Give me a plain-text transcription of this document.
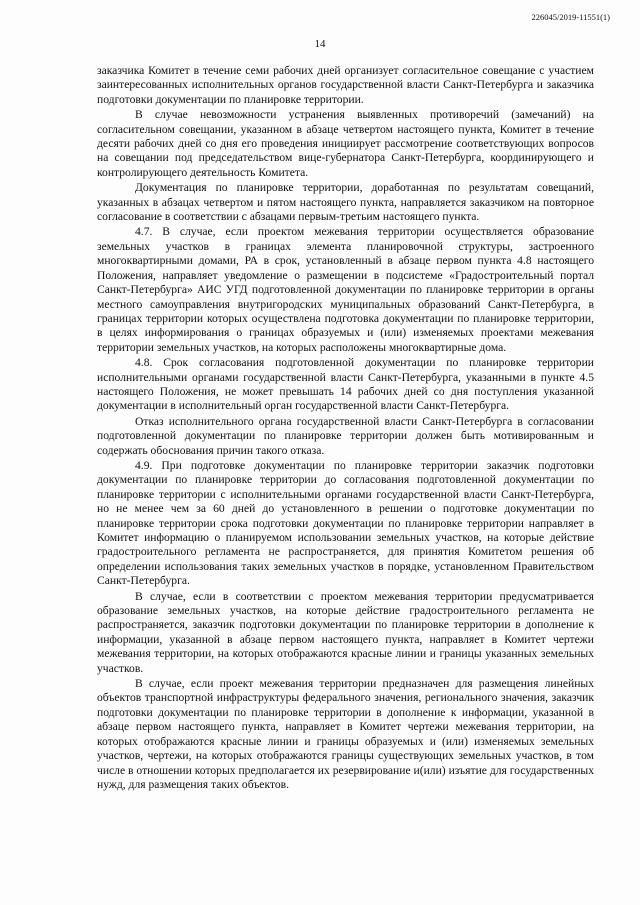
226045/2019-11551(1)
14

заказчика Комитет в течение семи рабочих дней организует согласительное совещание с участием заинтересованных исполнительных органов государственной власти Санкт-Петербурга и заказчика подготовки документации по планировке территории.

В случае невозможности устранения выявленных противоречий (замечаний) на согласительном совещании, указанном в абзаце четвертом настоящего пункта, Комитет в течение десяти рабочих дней со дня его проведения инициирует рассмотрение соответствующих вопросов на совещании под председательством вице-губернатора Санкт-Петербурга, координирующего и контролирующего деятельность Комитета.

Документация по планировке территории, доработанная по результатам совещаний, указанных в абзацах четвертом и пятом настоящего пункта, направляется заказчиком на повторное согласование в соответствии с абзацами первым-третьим настоящего пункта.

4.7. В случае, если проектом межевания территории осуществляется образование земельных участков в границах элемента планировочной структуры, застроенного многоквартирными домами, РА в срок, установленный в абзаце первом пункта 4.8 настоящего Положения, направляет уведомление о размещении в подсистеме «Градостроительный портал Санкт-Петербурга» АИС УГД подготовленной документации по планировке территории в органы местного самоуправления внутригородских муниципальных образований Санкт-Петербурга, в границах территории которых осуществлена подготовка документации по планировке территории, в целях информирования о границах образуемых и (или) изменяемых проектами межевания территории земельных участков, на которых расположены многоквартирные дома.

4.8. Срок согласования подготовленной документации по планировке территории исполнительными органами государственной власти Санкт-Петербурга, указанными в пункте 4.5 настоящего Положения, не может превышать 14 рабочих дней со дня поступления указанной документации в исполнительный орган государственной власти Санкт-Петербурга.

Отказ исполнительного органа государственной власти Санкт-Петербурга в согласовании подготовленной документации по планировке территории должен быть мотивированным и содержать обоснования причин такого отказа.

4.9. При подготовке документации по планировке территории заказчик подготовки документации по планировке территории до согласования подготовленной документации по планировке территории с исполнительными органами государственной власти Санкт-Петербурга, но не менее чем за 60 дней до установленного в решении о подготовке документации по планировке территории срока подготовки документации по планировке территории направляет в Комитет информацию о планируемом использовании земельных участков, на которые действие градостроительного регламента не распространяется, для принятия Комитетом решения об определении использования таких земельных участков в порядке, установленном Правительством Санкт-Петербурга.

В случае, если в соответствии с проектом межевания территории предусматривается образование земельных участков, на которые действие градостроительного регламента не распространяется, заказчик подготовки документации по планировке территории в дополнение к информации, указанной в абзаце первом настоящего пункта, направляет в Комитет чертежи межевания территории, на которых отображаются красные линии и границы указанных земельных участков.

В случае, если проект межевания территории предназначен для размещения линейных объектов транспортной инфраструктуры федерального значения, регионального значения, заказчик подготовки документации по планировке территории в дополнение к информации, указанной в абзаце первом настоящего пункта, направляет в Комитет чертежи межевания территории, на которых отображаются красные линии и границы образуемых и (или) изменяемых земельных участков, чертежи, на которых отображаются границы существующих земельных участков, в том числе в отношении которых предполагается их резервирование и(или) изъятие для государственных нужд, для размещения таких объектов.
